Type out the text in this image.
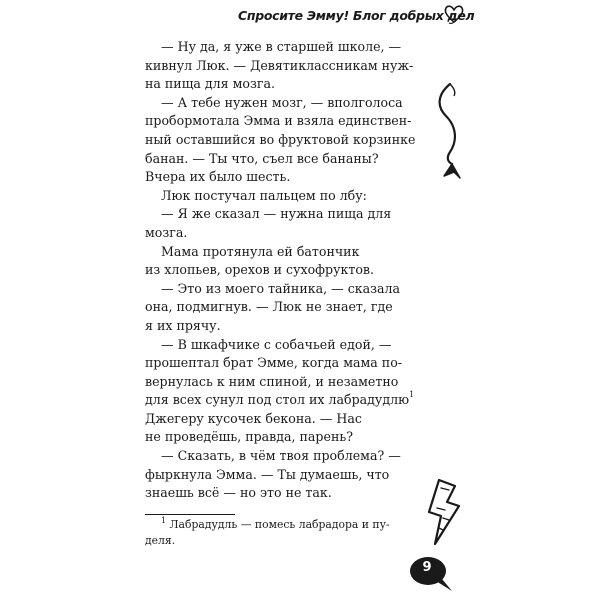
Спросите Эмму! Блог добрых дел
— Ну да, я уже в старшей школе, —
кивнул Люк. — Девятиклассникам нуж-
на пища для мозга.
— А тебе нужен мозг, — вполголоса
пробормотала Эмма и взяла единствен-
ный оставшийся во фруктовой корзинке
банан. — Ты что, съел все бананы?
Вчера их было шесть.
Люк постучал пальцем по лбу:
— Я же сказал — нужна пища для
мозга.
Мама протянула ей батончик
из хлопьев, орехов и сухофруктов.
— Это из моего тайника, — сказала
она, подмигнув. — Люк не знает, где
я их прячу.
— В шкафчике с собачьей едой, —
прошептал брат Эмме, когда мама по-
вернулась к ним спиной, и незаметно
для всех сунул под стол их лабрадудлю$^1$
Джегеру кусочек бекона. — Нас
не проведёшь, правда, парень?
— Сказать, в чём твоя проблема? —
фыркнула Эмма. — Ты думаешь, что
знаешь всё — но это не так.
$^1$ Лабрадудль — помесь лабрадора и пу-
деля.
9
